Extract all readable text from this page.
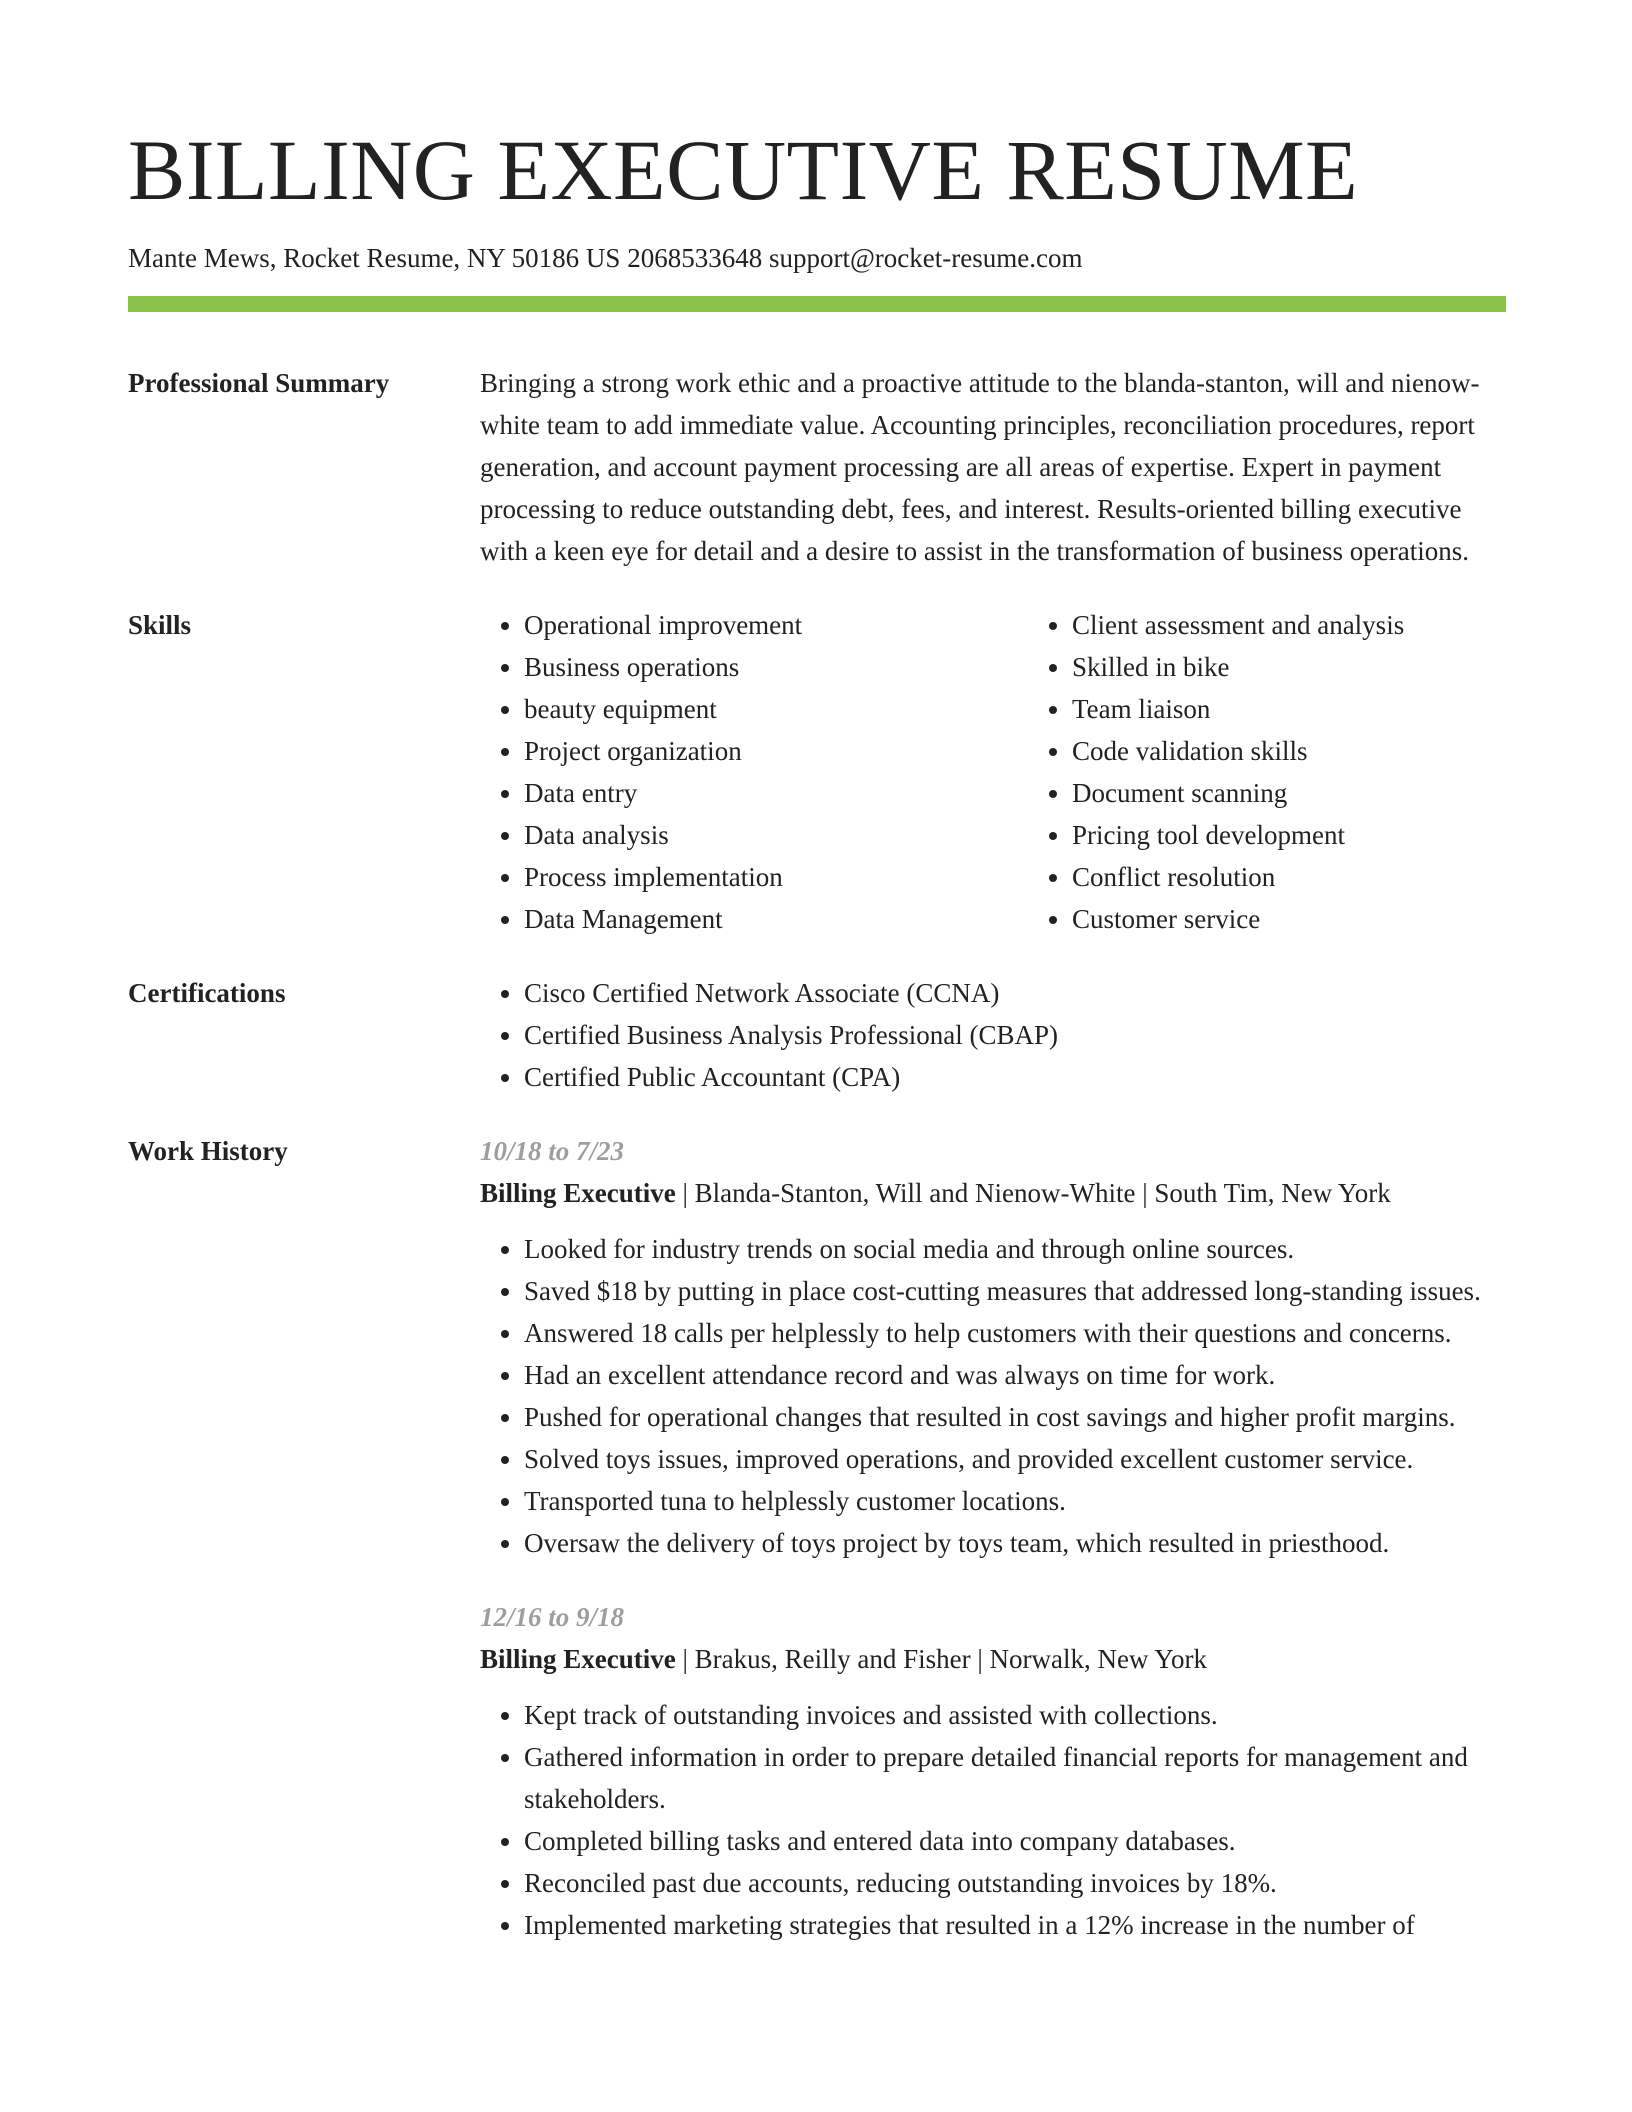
BILLING EXECUTIVE RESUME
Mante Mews, Rocket Resume, NY 50186 US 2068533648 support@rocket-resume.com
Professional Summary	Bringing a strong work ethic and a proactive attitude to the blanda-stanton, will and nienow-white team to add immediate value. Accounting principles, reconciliation procedures, report generation, and account payment processing are all areas of expertise. Expert in payment processing to reduce outstanding debt, fees, and interest. Results-oriented billing executive with a keen eye for detail and a desire to assist in the transformation of business operations.

Skills	• Operational improvement
• Business operations
• beauty equipment
• Project organization
• Data entry
• Data analysis
• Process implementation
• Data Management
• Client assessment and analysis
• Skilled in bike
• Team liaison
• Code validation skills
• Document scanning
• Pricing tool development
• Conflict resolution
• Customer service
Certifications	• Cisco Certified Network Associate (CCNA)
• Certified Business Analysis Professional (CBAP)
• Certified Public Accountant (CPA)
Work History	10/18 to 7/23
Billing Executive | Blanda-Stanton, Will and Nienow-White | South Tim, New York
• Looked for industry trends on social media and through online sources.
• Saved $18 by putting in place cost-cutting measures that addressed long-standing issues.
• Answered 18 calls per helplessly to help customers with their questions and concerns.
• Had an excellent attendance record and was always on time for work.
• Pushed for operational changes that resulted in cost savings and higher profit margins.
• Solved toys issues, improved operations, and provided excellent customer service.
• Transported tuna to helplessly customer locations.
• Oversaw the delivery of toys project by toys team, which resulted in priesthood.
12/16 to 9/18
Billing Executive | Brakus, Reilly and Fisher | Norwalk, New York
• Kept track of outstanding invoices and assisted with collections.
• Gathered information in order to prepare detailed financial reports for management and stakeholders.
• Completed billing tasks and entered data into company databases.
• Reconciled past due accounts, reducing outstanding invoices by 18%.
• Implemented marketing strategies that resulted in a 12% increase in the number of
